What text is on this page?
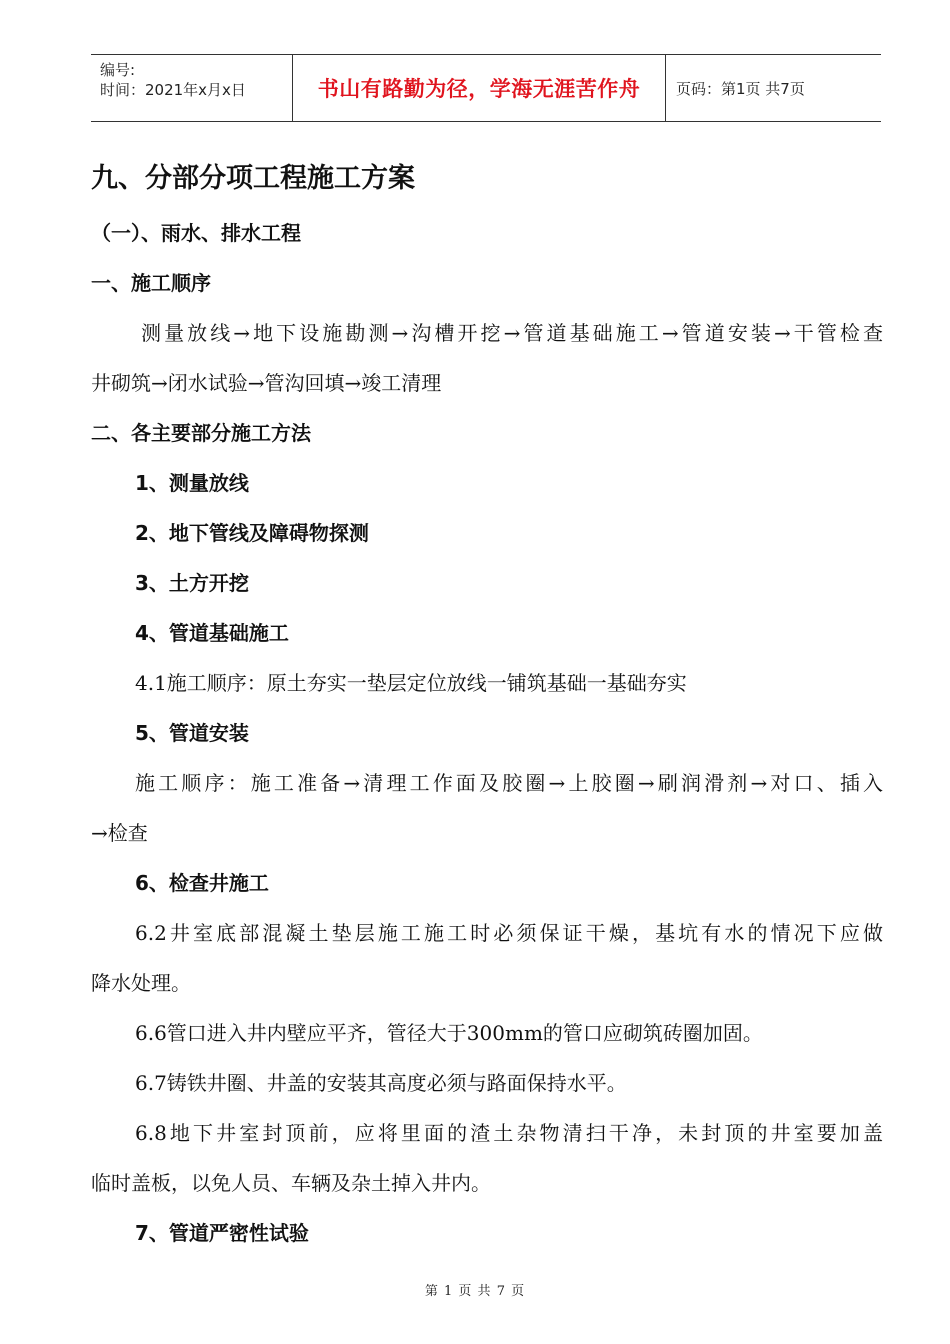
编号:
时间：2021年x月x日	书山有路勤为径，学海无涯苦作舟	页码：第1页 共7页
九、分部分项工程施工方案
（一）、雨水、排水工程
一、施工顺序
测量放线→地下设施勘测→沟槽开挖→管道基础施工→管道安装→干管检查
井砌筑→闭水试验→管沟回填→竣工清理
二、各主要部分施工方法
1、测量放线
2、地下管线及障碍物探测
3、土方开挖
4、管道基础施工
4.1施工顺序：原土夯实一垫层定位放线一铺筑基础一基础夯实
5、管道安装
施工顺序：施工准备→清理工作面及胶圈→上胶圈→刷润滑剂→对口、插入
→检查
6、检查井施工
6.2井室底部混凝土垫层施工施工时必须保证干燥，基坑有水的情况下应做
降水处理。
6.6管口进入井内壁应平齐，管径大于300mm的管口应砌筑砖圈加固。
6.7铸铁井圈、井盖的安装其高度必须与路面保持水平。
6.8地下井室封顶前，应将里面的渣土杂物清扫干净，未封顶的井室要加盖
临时盖板，以免人员、车辆及杂土掉入井内。
7、管道严密性试验
第 1 页 共 7 页
